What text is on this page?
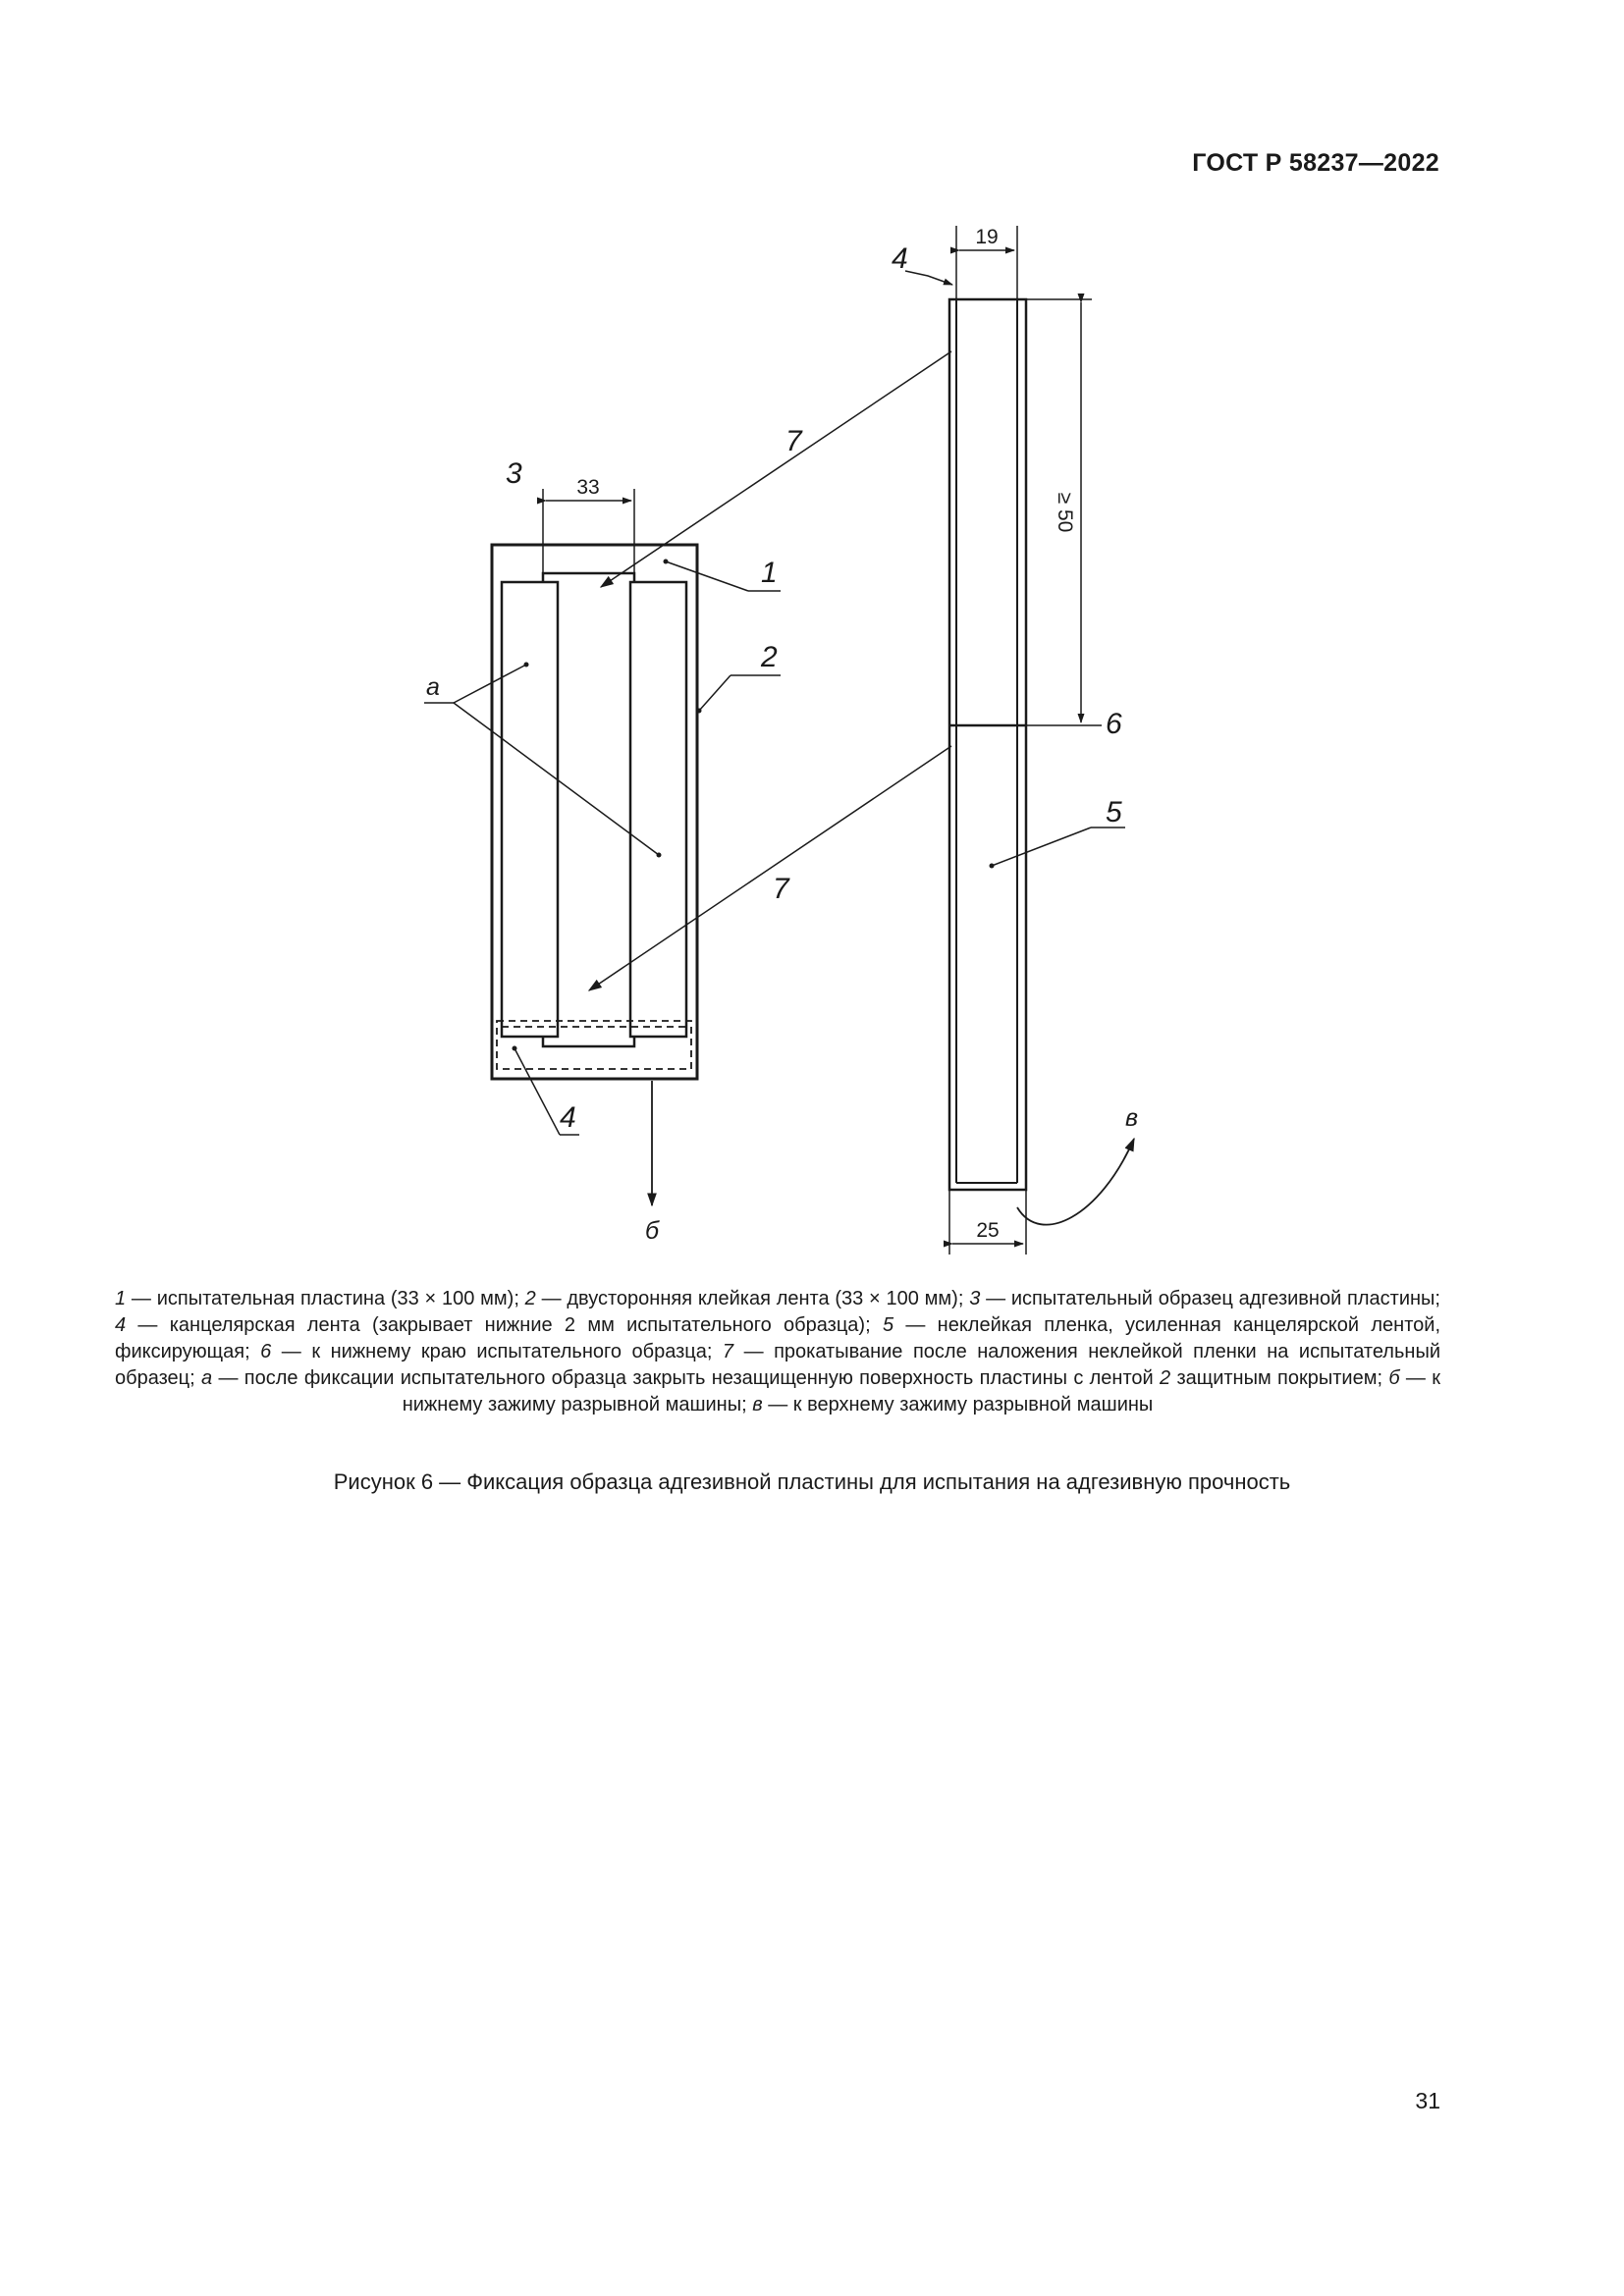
ГОСТ Р 58237—2022
33
19
≥ 50
25
3
1
2
7
7
4
4
6
5
а
б
в
1 — испытательная пластина (33 × 100 мм); 2 — двусторонняя клейкая лента (33 × 100 мм); 3 — испытательный образец адгезивной пластины; 4 — канцелярская лента (закрывает нижние 2 мм испытательного образца); 5 — неклейкая пленка, усиленная канцелярской лентой, фиксирующая; 6 — к нижнему краю испытательного образца; 7 — прокатывание после наложения неклейкой пленки на испытательный образец; а — после фиксации испытательного образца закрыть незащищенную поверхность пластины с лентой 2 защитным покрытием; б — к нижнему зажиму разрывной машины; в — к верхнему зажиму разрывной машины
Рисунок 6 — Фиксация образца адгезивной пластины для испытания на адгезивную прочность
31
